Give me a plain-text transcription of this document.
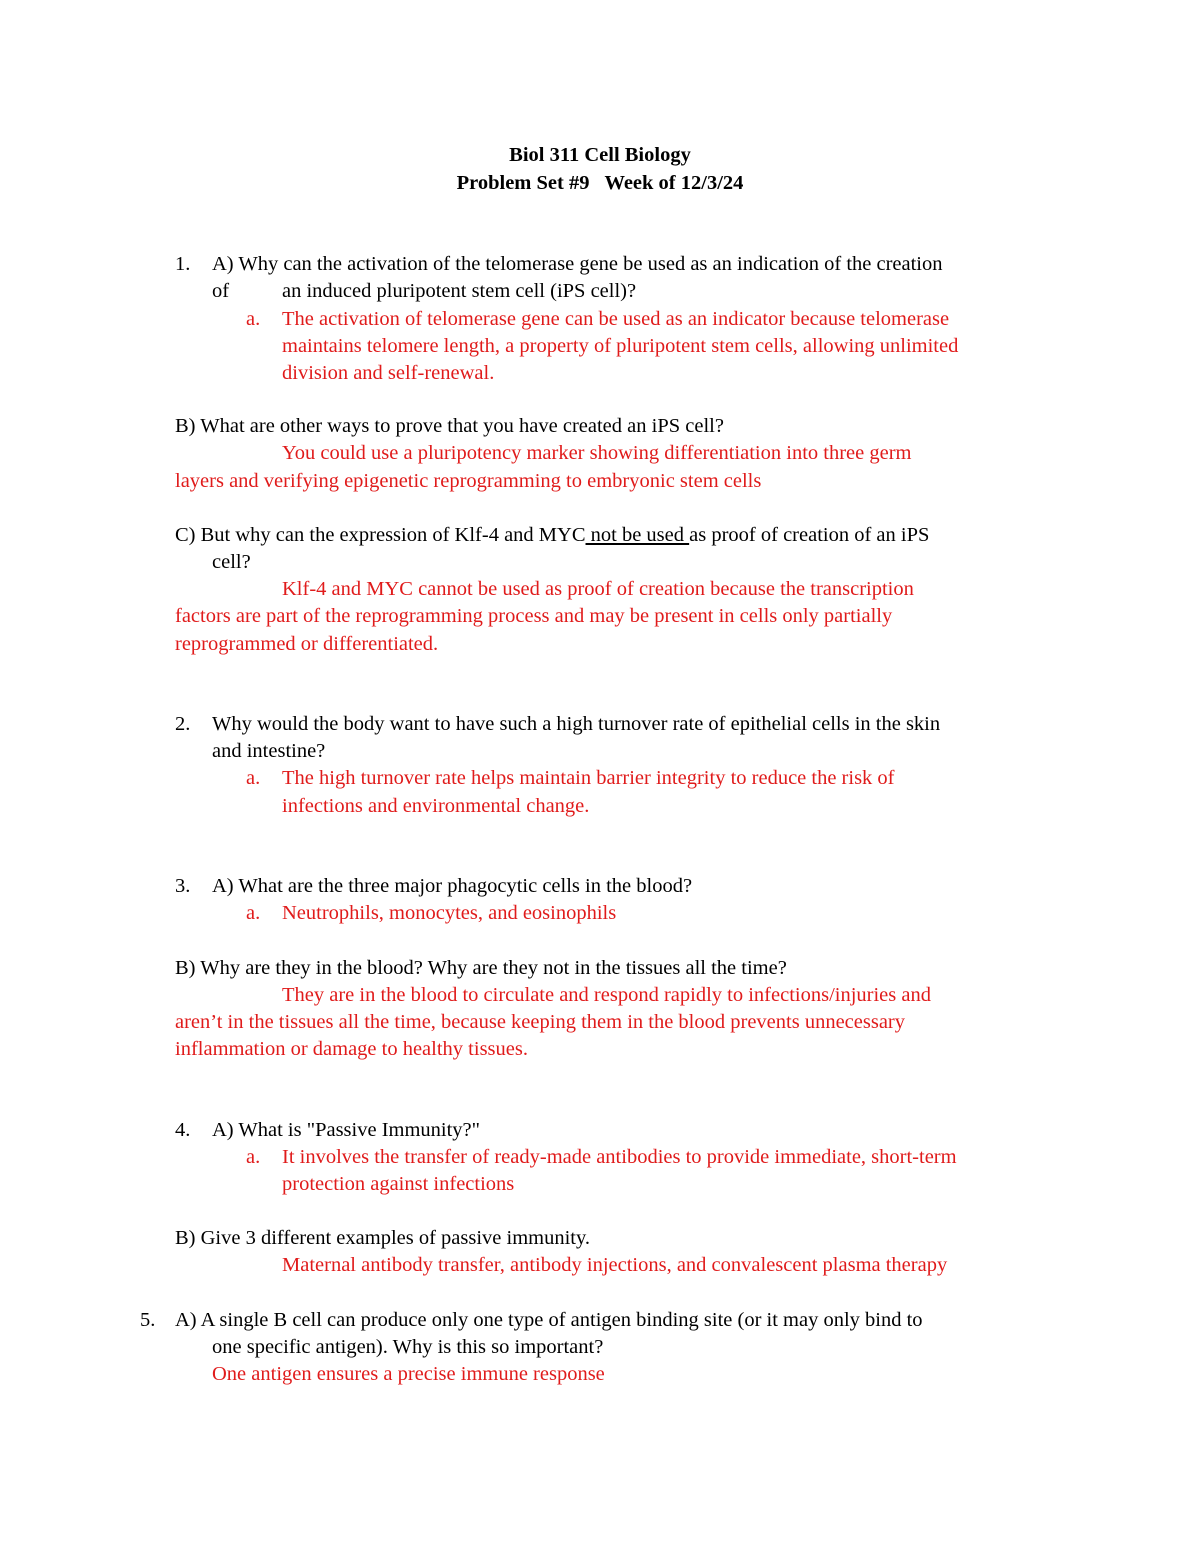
Biol 311 Cell Biology
Problem Set #9   Week of 12/3/24
1. A) Why can the activation of the telomerase gene be used as an indication of the creation
of	an induced pluripotent stem cell (iPS cell)?
a. The activation of telomerase gene can be used as an indicator because telomerase
maintains telomere length, a property of pluripotent stem cells, allowing unlimited
division and self-renewal.
B) What are other ways to prove that you have created an iPS cell?
You could use a pluripotency marker showing differentiation into three germ
layers and verifying epigenetic reprogramming to embryonic stem cells
C) But why can the expression of Klf-4 and MYC not be used as proof of creation of an iPS
cell?
Klf-4 and MYC cannot be used as proof of creation because the transcription
factors are part of the reprogramming process and may be present in cells only partially
reprogrammed or differentiated.
2. Why would the body want to have such a high turnover rate of epithelial cells in the skin
and intestine?
a. The high turnover rate helps maintain barrier integrity to reduce the risk of
infections and environmental change.
3. A) What are the three major phagocytic cells in the blood?
a. Neutrophils, monocytes, and eosinophils
B) Why are they in the blood? Why are they not in the tissues all the time?
They are in the blood to circulate and respond rapidly to infections/injuries and
aren’t in the tissues all the time, because keeping them in the blood prevents unnecessary
inflammation or damage to healthy tissues.
4. A) What is "Passive Immunity?"
a. It involves the transfer of ready-made antibodies to provide immediate, short-term
protection against infections
B) Give 3 different examples of passive immunity.
Maternal antibody transfer, antibody injections, and convalescent plasma therapy
5. A) A single B cell can produce only one type of antigen binding site (or it may only bind to
one specific antigen). Why is this so important?
One antigen ensures a precise immune response
